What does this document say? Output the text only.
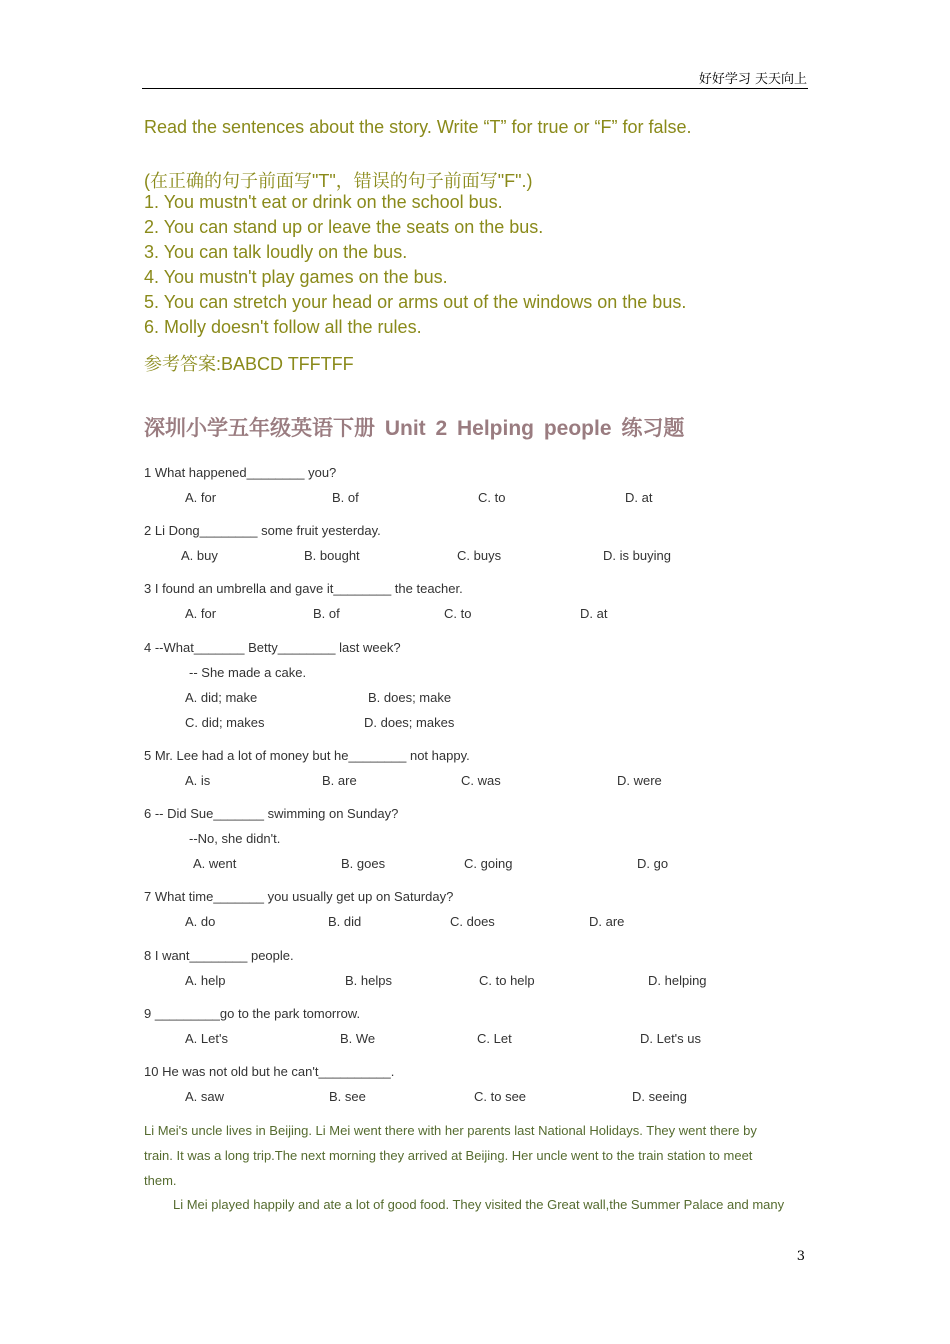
好好学习 天天向上
Read the sentences about the story. Write “T” for true or “F” for false.
(在正确的句子前面写"T"，错误的句子前面写"F".)
1. You mustn't eat or drink on the school bus.
2. You can stand up or leave the seats on the bus.
3. You can talk loudly on the bus.
4. You mustn't play games on the bus.
5. You can stretch your head or arms out of the windows on the bus.
6. Molly doesn't follow all the rules.
参考答案:BABCD TFFTFF
深圳小学五年级英语下册 Unit 2 Helping people 练习题
1 What happened________ you?
A. for	B. of	C. to	D. at
2 Li Dong________ some fruit yesterday.
A. buy	B. bought	C. buys	D. is buying
3 I found an umbrella and gave it________ the teacher.
A. for	B. of	C. to	D. at
4 --What_______ Betty________ last week?
-- She made a cake.
A. did; make	B. does; make
C. did; makes	D. does; makes
5 Mr. Lee had a lot of money but he________ not happy.
A. is	B. are	C. was	D. were
6 -- Did Sue_______ swimming on Sunday?
--No, she didn't.
A. went	B. goes	C. going	D. go
7 What time_______ you usually get up on Saturday?
A. do	B. did	C. does	D. are
8 I want________ people.
A. help	B. helps	C. to help	D. helping
9 _________go to the park tomorrow.
A. Let's	B. We	C. Let	D. Let's us
10 He was not old but he can't__________.
A. saw	B. see	C. to see	D. seeing
Li Mei's uncle lives in Beijing. Li Mei went there with her parents last National Holidays. They went there by
train. It was a long trip.The next morning they arrived at Beijing. Her uncle went to the train station to meet
them.
Li Mei played happily and ate a lot of good food. They visited the Great wall,the Summer Palace and many
3
